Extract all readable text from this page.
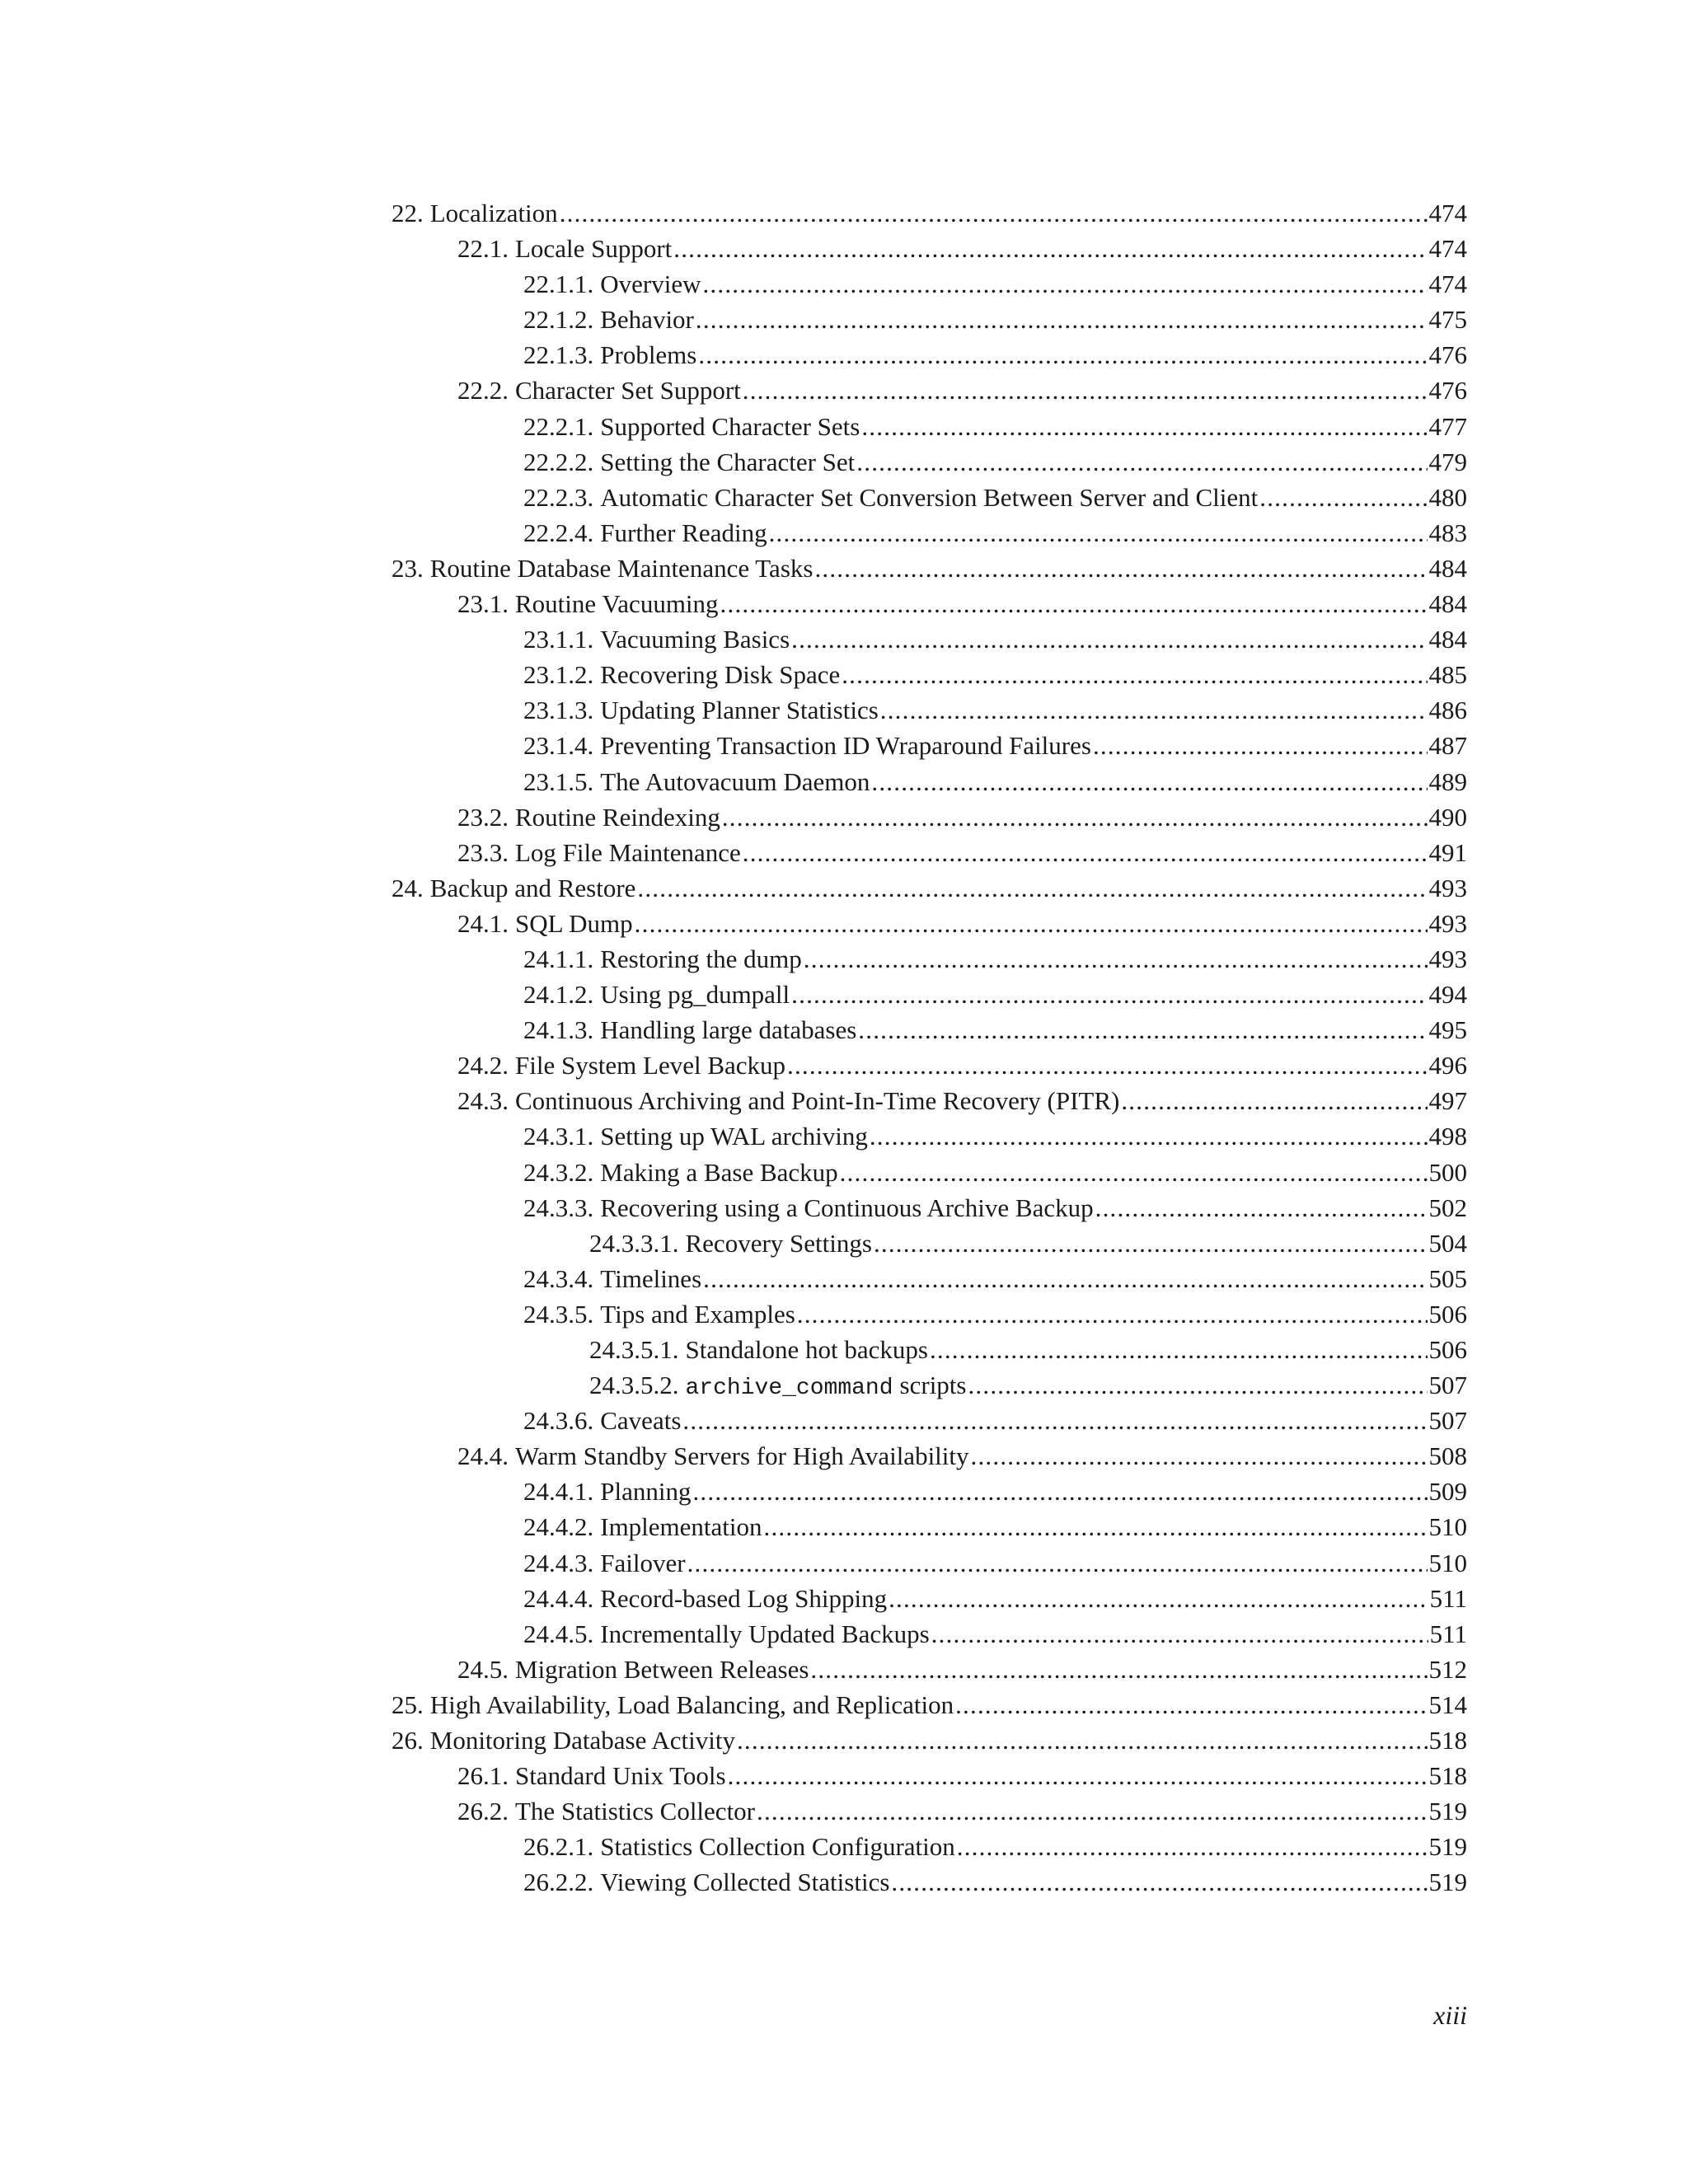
22. Localization .....	474
22.1. Locale Support .....	474
22.1.1. Overview .....	474
22.1.2. Behavior .....	475
22.1.3. Problems .....	476
22.2. Character Set Support .....	476
22.2.1. Supported Character Sets .....	477
22.2.2. Setting the Character Set .....	479
22.2.3. Automatic Character Set Conversion Between Server and Client .....	480
22.2.4. Further Reading .....	483
23. Routine Database Maintenance Tasks .....	484
23.1. Routine Vacuuming .....	484
23.1.1. Vacuuming Basics .....	484
23.1.2. Recovering Disk Space .....	485
23.1.3. Updating Planner Statistics .....	486
23.1.4. Preventing Transaction ID Wraparound Failures .....	487
23.1.5. The Autovacuum Daemon .....	489
23.2. Routine Reindexing .....	490
23.3. Log File Maintenance .....	491
24. Backup and Restore .....	493
24.1. SQL Dump .....	493
24.1.1. Restoring the dump .....	493
24.1.2. Using pg_dumpall .....	494
24.1.3. Handling large databases .....	495
24.2. File System Level Backup .....	496
24.3. Continuous Archiving and Point-In-Time Recovery (PITR) .....	497
24.3.1. Setting up WAL archiving .....	498
24.3.2. Making a Base Backup .....	500
24.3.3. Recovering using a Continuous Archive Backup .....	502
24.3.3.1. Recovery Settings .....	504
24.3.4. Timelines .....	505
24.3.5. Tips and Examples .....	506
24.3.5.1. Standalone hot backups .....	506
24.3.5.2. archive_command scripts .....	507
24.3.6. Caveats .....	507
24.4. Warm Standby Servers for High Availability .....	508
24.4.1. Planning .....	509
24.4.2. Implementation .....	510
24.4.3. Failover .....	510
24.4.4. Record-based Log Shipping .....	511
24.4.5. Incrementally Updated Backups .....	511
24.5. Migration Between Releases .....	512
25. High Availability, Load Balancing, and Replication .....	514
26. Monitoring Database Activity .....	518
26.1. Standard Unix Tools .....	518
26.2. The Statistics Collector .....	519
26.2.1. Statistics Collection Configuration .....	519
26.2.2. Viewing Collected Statistics .....	519
xiii
